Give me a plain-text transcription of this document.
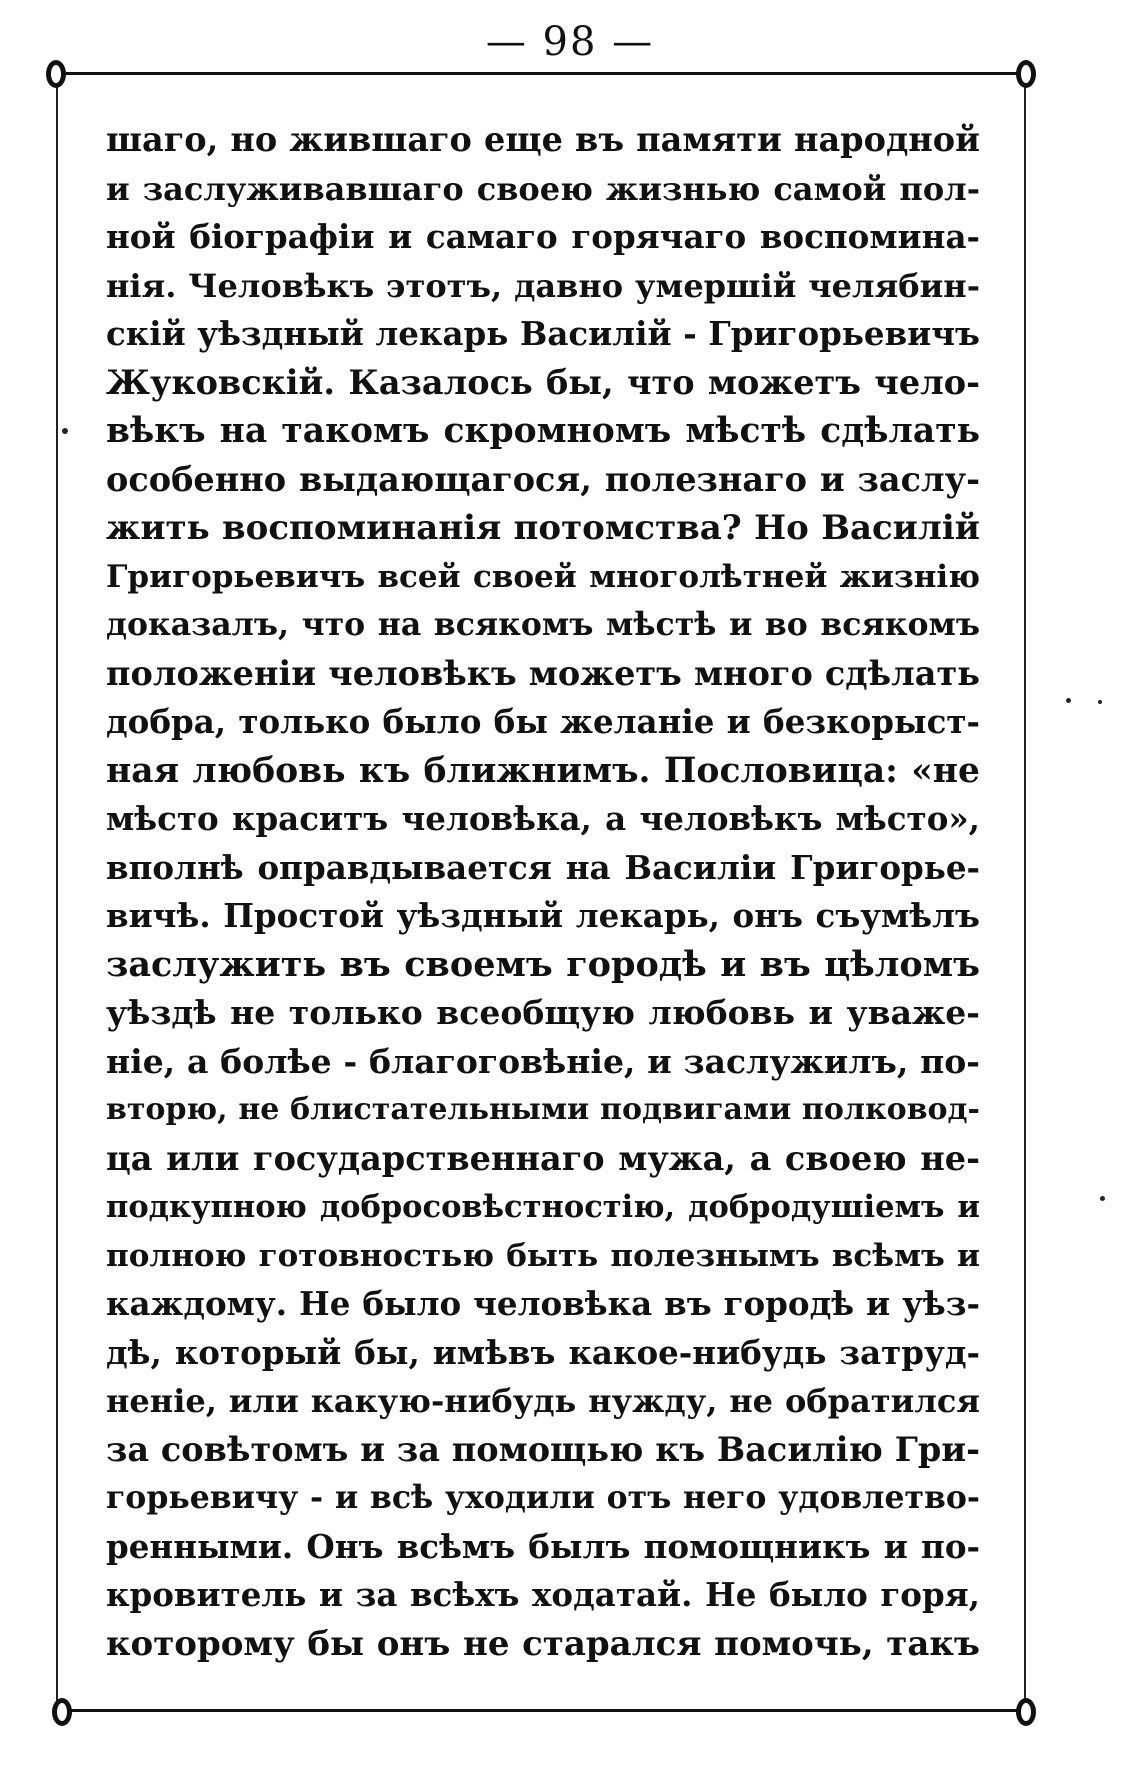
— 98 —
шаго, но жившаго еще въ памяти народной
и заслуживавшаго своею жизнью самой пол-
ной біографіи и самаго горячаго воспомина-
нія. Человѣкъ этотъ, давно умершій челябин-
скій уѣздный лекарь Василій - Григорьевичъ
Жуковскій. Казалось бы, что можетъ чело-
вѣкъ на такомъ скромномъ мѣстѣ сдѣлать
особенно выдающагося, полезнаго и заслу-
жить воспоминанія потомства? Но Василій
Григорьевичъ всей своей многолѣтней жизнію
доказалъ, что на всякомъ мѣстѣ и во всякомъ
положеніи человѣкъ можетъ много сдѣлать
добра, только было бы желаніе и безкорыст-
ная любовь къ ближнимъ. Пословица: «не
мѣсто краситъ человѣка, а человѣкъ мѣсто»,
вполнѣ оправдывается на Василіи Григорье-
вичѣ. Простой уѣздный лекарь, онъ съумѣлъ
заслужить въ своемъ городѣ и въ цѣломъ
уѣздѣ не только всеобщую любовь и уваже-
ніе, а болѣе - благоговѣніе, и заслужилъ, по-
вторю, не блистательными подвигами полковод-
ца или государственнаго мужа, а своею не-
подкупною добросовѣстностію, добродушіемъ и
полною готовностью быть полезнымъ всѣмъ и
каждому. Не было человѣка въ городѣ и уѣз-
дѣ, который бы, имѣвъ какое-нибудь затруд-
неніе, или какую-нибудь нужду, не обратился
за совѣтомъ и за помощью къ Василію Гри-
горьевичу - и всѣ уходили отъ него удовлетво-
ренными. Онъ всѣмъ былъ помощникъ и по-
кровитель и за всѣхъ ходатай. Не было горя,
которому бы онъ не старался помочь, такъ
